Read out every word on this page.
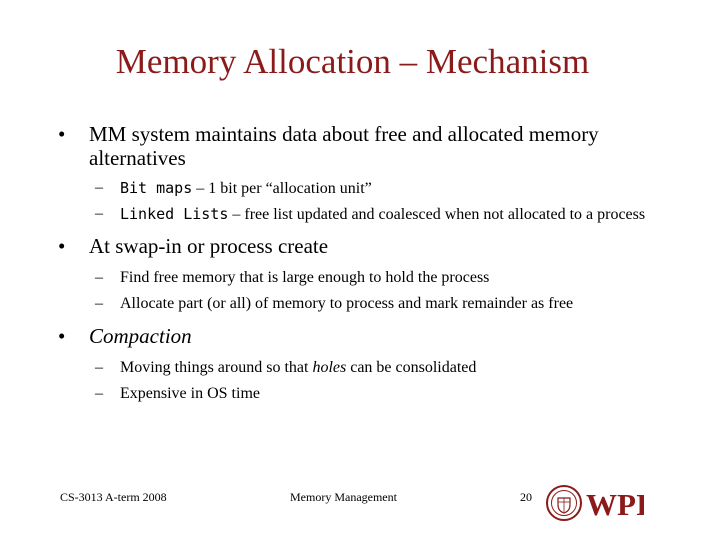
Memory Allocation – Mechanism
• MM system maintains data about free and allocated memory alternatives
– Bit maps – 1 bit per “allocation unit”
– Linked Lists – free list updated and coalesced when not allocated to a process
• At swap-in or process create
– Find free memory that is large enough to hold the process
– Allocate part (or all) of memory to process and mark remainder as free
• Compaction
– Moving things around so that holes can be consolidated
– Expensive in OS time
CS-3013 A-term 2008	Memory Management	20 WPI
